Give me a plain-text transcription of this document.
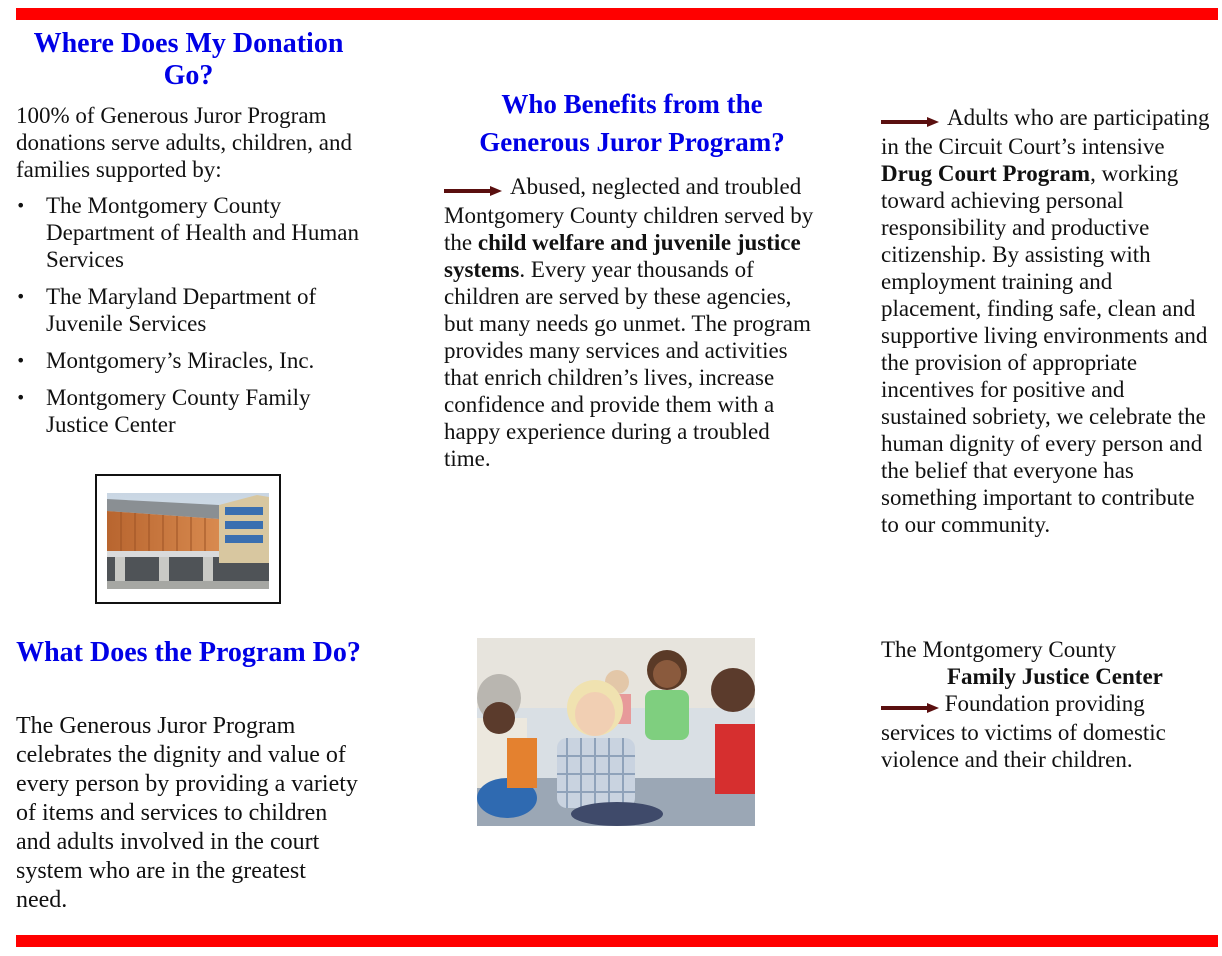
Where Does My Donation Go?

100% of Generous Juror Program donations serve adults, children, and families supported by:

• The Montgomery County Department of Health and Human Services
• The Maryland Department of Juvenile Services
• Montgomery’s Miracles, Inc.
• Montgomery County Family Justice Center
What Does the Program Do?

The Generous Juror Program celebrates the dignity and value of every person by providing a variety of items and services to children and adults involved in the court system who are in the greatest need.

Who Benefits from the Generous Juror Program?

Abused, neglected and troubled Montgomery County children served by the child welfare and juvenile justice systems. Every year thousands of children are served by these agencies, but many needs go unmet. The program provides many services and activities that enrich children’s lives, increase confidence and provide them with a happy experience during a troubled time.

Adults who are participating in the Circuit Court’s intensive Drug Court Program, working toward achieving personal responsibility and productive citizenship. By assisting with employment training and placement, finding safe, clean and supportive living environments and the provision of appropriate incentives for positive and sustained sobriety, we celebrate the human dignity of every person and the belief that everyone has something important to contribute to our community.

The Montgomery County
Family Justice Center
Foundation providing services to victims of domestic violence and their children.
